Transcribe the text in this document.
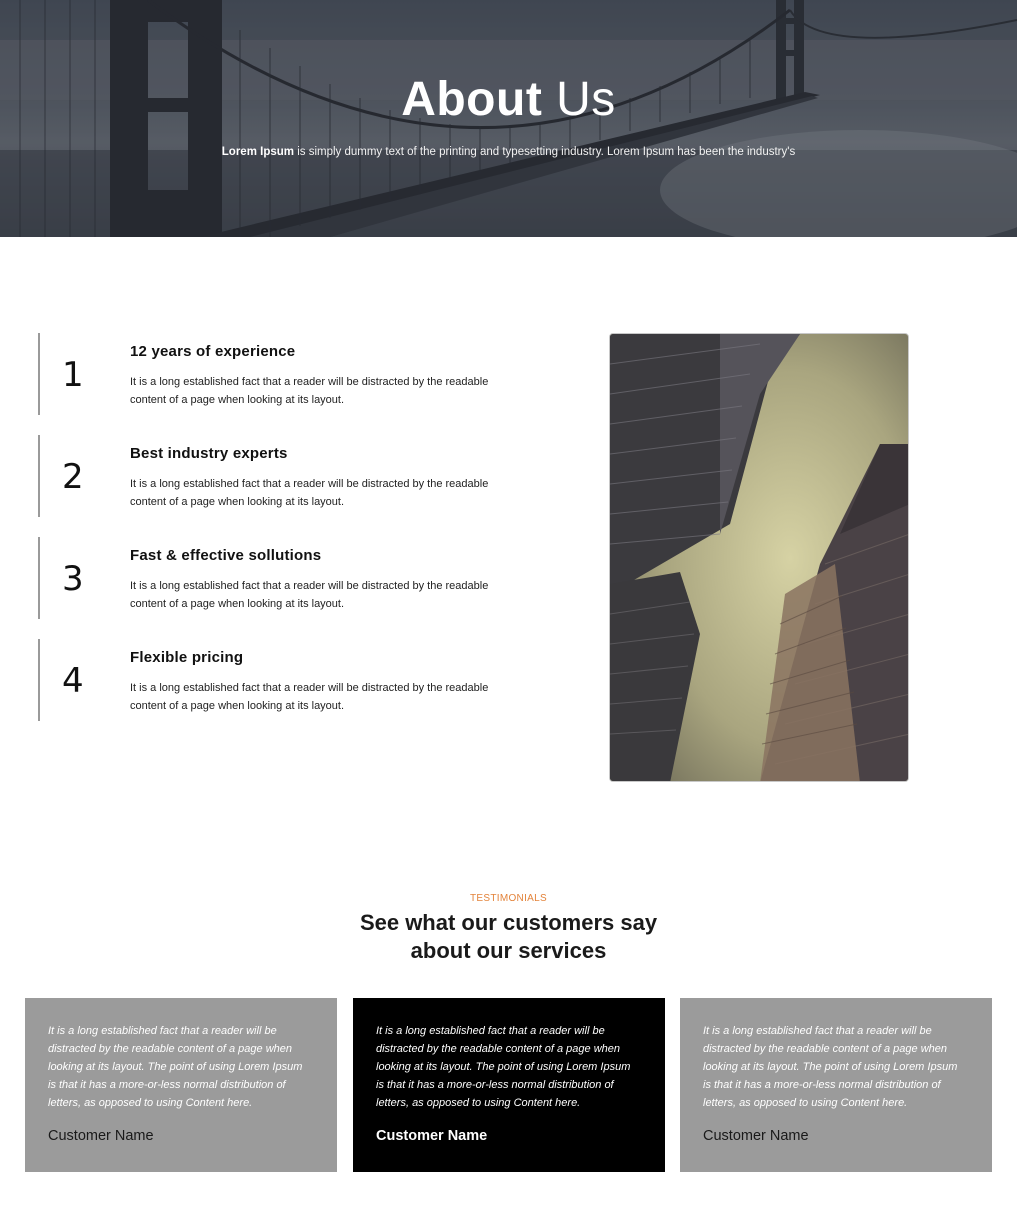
About Us

Lorem Ipsum is simply dummy text of the printing and typesetting industry. Lorem Ipsum has been the industry's

1
12 years of experience
It is a long established fact that a reader will be distracted by the readable content of a page when looking at its layout.
2
Best industry experts
It is a long established fact that a reader will be distracted by the readable content of a page when looking at its layout.
3
Fast & effective sollutions
It is a long established fact that a reader will be distracted by the readable content of a page when looking at its layout.
4
Flexible pricing
It is a long established fact that a reader will be distracted by the readable content of a page when looking at its layout.
TESTIMONIALS
See what our customers say
about our services

It is a long established fact that a reader will be distracted by the readable content of a page when looking at its layout. The point of using Lorem Ipsum is that it has a more-or-less normal distribution of letters, as opposed to using Content here.

Customer Name

It is a long established fact that a reader will be distracted by the readable content of a page when looking at its layout. The point of using Lorem Ipsum is that it has a more-or-less normal distribution of letters, as opposed to using Content here.

Customer Name

It is a long established fact that a reader will be distracted by the readable content of a page when looking at its layout. The point of using Lorem Ipsum is that it has a more-or-less normal distribution of letters, as opposed to using Content here.

Customer Name
